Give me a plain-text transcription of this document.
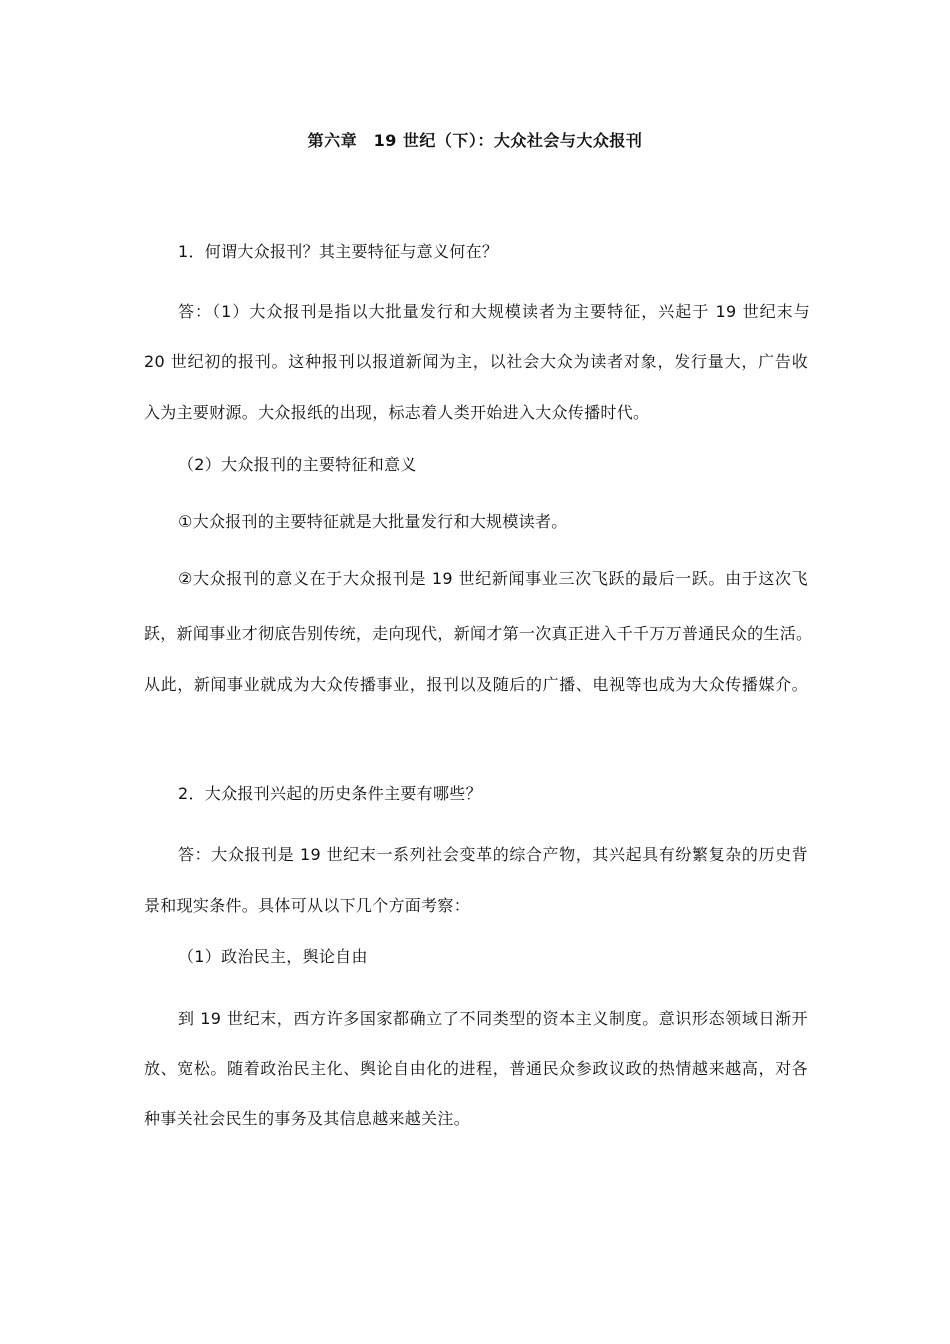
第六章　19 世纪（下）：大众社会与大众报刊
1．何谓大众报刊？其主要特征与意义何在？
答：（1）大众报刊是指以大批量发行和大规模读者为主要特征，兴起于 19 世纪末与
20 世纪初的报刊。这种报刊以报道新闻为主，以社会大众为读者对象，发行量大，广告收
入为主要财源。大众报纸的出现，标志着人类开始进入大众传播时代。
（2）大众报刊的主要特征和意义
①大众报刊的主要特征就是大批量发行和大规模读者。
②大众报刊的意义在于大众报刊是 19 世纪新闻事业三次飞跃的最后一跃。由于这次飞
跃，新闻事业才彻底告别传统，走向现代，新闻才第一次真正进入千千万万普通民众的生活。
从此，新闻事业就成为大众传播事业，报刊以及随后的广播、电视等也成为大众传播媒介。
2．大众报刊兴起的历史条件主要有哪些？
答：大众报刊是 19 世纪末一系列社会变革的综合产物，其兴起具有纷繁复杂的历史背
景和现实条件。具体可从以下几个方面考察：
（1）政治民主，舆论自由
到 19 世纪末，西方许多国家都确立了不同类型的资本主义制度。意识形态领域日渐开
放、宽松。随着政治民主化、舆论自由化的进程，普通民众参政议政的热情越来越高，对各
种事关社会民生的事务及其信息越来越关注。
